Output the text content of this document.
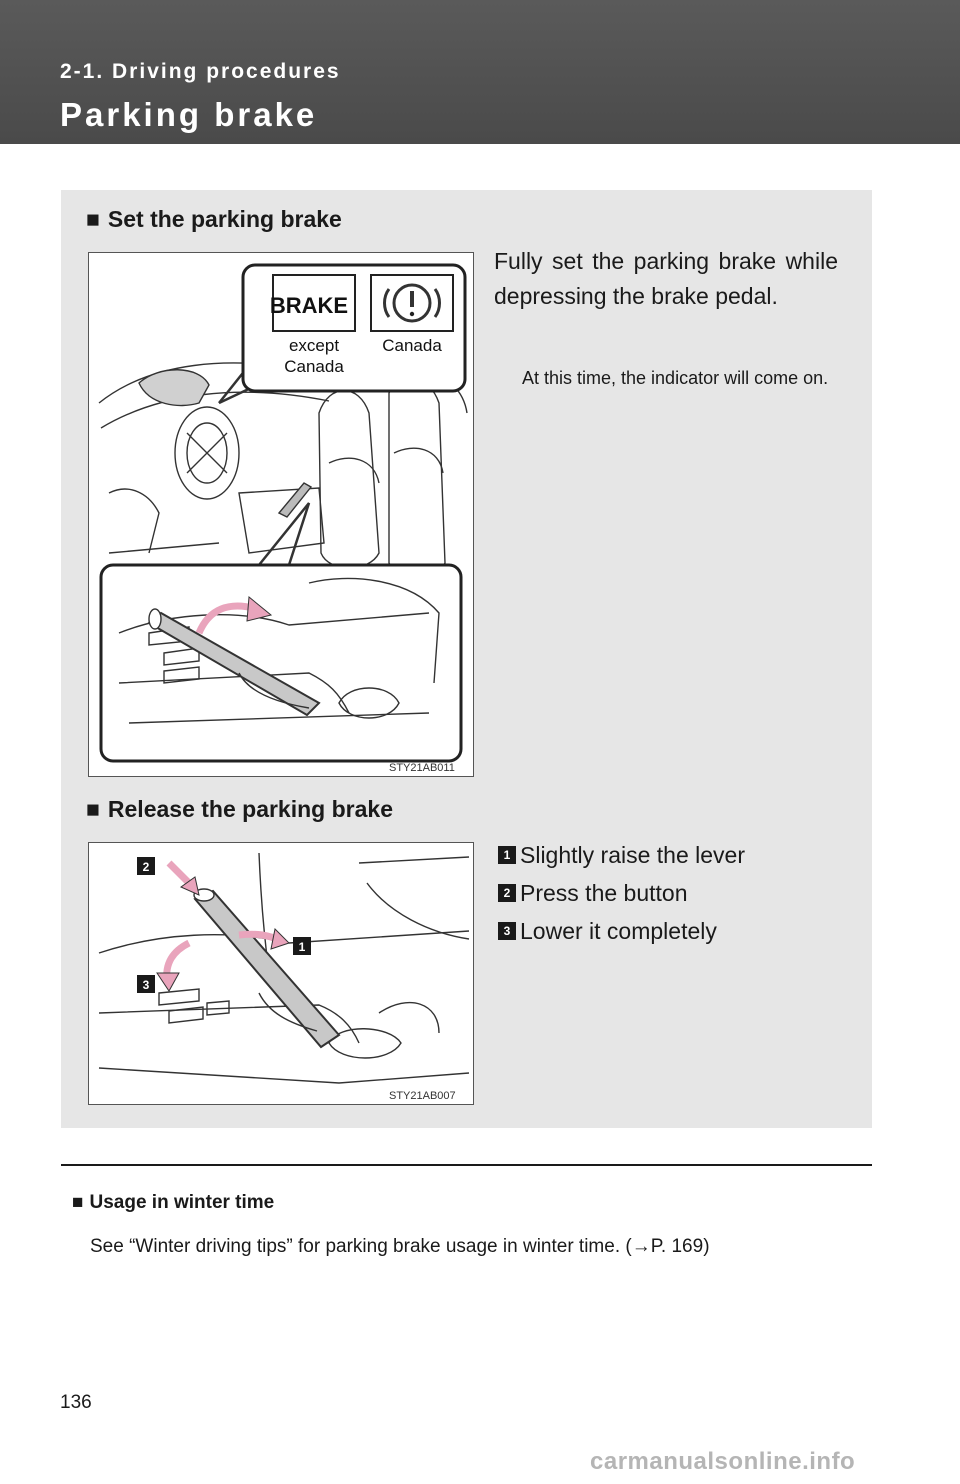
2-1. Driving procedures
Parking brake
■ Set the parking brake
BRAKE
except
Canada
Canada
STY21AB011
Fully set the parking brake while depressing the brake pedal.
At this time, the indicator will come on.
■ Release the parking brake
2
1
3
STY21AB007
1 Slightly raise the lever
2 Press the button
3 Lower it completely
■ Usage in winter time
See “Winter driving tips” for parking brake usage in winter time. (→P. 169)
136
carmanualsonline.info
